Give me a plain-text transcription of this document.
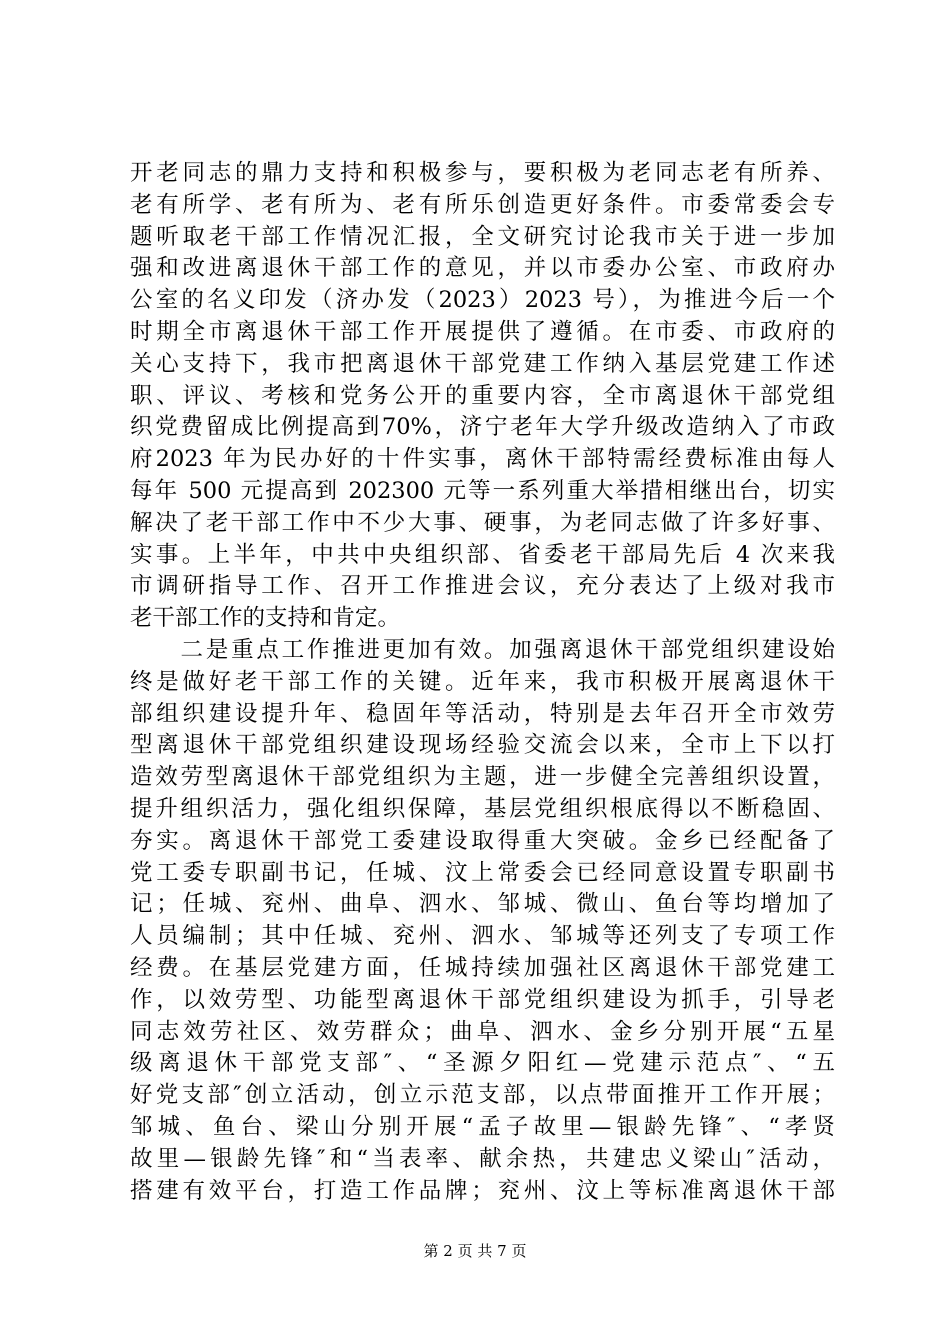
开老同志的鼎力支持和积极参与，要积极为老同志老有所养、
老有所学、老有所为、老有所乐创造更好条件。市委常委会专
题听取老干部工作情况汇报，全文研究讨论我市关于进一步加
强和改进离退休干部工作的意见，并以市委办公室、市政府办
公室的名义印发（济办发（2023）2023 号），为推进今后一个
时期全市离退休干部工作开展提供了遵循。在市委、市政府的
关心支持下，我市把离退休干部党建工作纳入基层党建工作述
职、评议、考核和党务公开的重要内容，全市离退休干部党组
织党费留成比例提高到70%，济宁老年大学升级改造纳入了市政
府2023 年为民办好的十件实事，离休干部特需经费标准由每人
每年 500 元提高到 202300 元等一系列重大举措相继出台，切实
解决了老干部工作中不少大事、硬事，为老同志做了许多好事、
实事。上半年，中共中央组织部、省委老干部局先后 4 次来我
市调研指导工作、召开工作推进会议，充分表达了上级对我市
老干部工作的支持和肯定。
　　二是重点工作推进更加有效。加强离退休干部党组织建设始
终是做好老干部工作的关键。近年来，我市积极开展离退休干
部组织建设提升年、稳固年等活动，特别是去年召开全市效劳
型离退休干部党组织建设现场经验交流会以来，全市上下以打
造效劳型离退休干部党组织为主题，进一步健全完善组织设置，
提升组织活力，强化组织保障，基层党组织根底得以不断稳固、
夯实。离退休干部党工委建设取得重大突破。金乡已经配备了
党工委专职副书记，任城、汶上常委会已经同意设置专职副书
记；任城、兖州、曲阜、泗水、邹城、微山、鱼台等均增加了
人员编制；其中任城、兖州、泗水、邹城等还列支了专项工作
经费。在基层党建方面，任城持续加强社区离退休干部党建工
作，以效劳型、功能型离退休干部党组织建设为抓手，引导老
同志效劳社区、效劳群众；曲阜、泗水、金乡分别开展“五星
级离退休干部党支部″、“圣源夕阳红—党建示范点″、“五
好党支部″创立活动，创立示范支部，以点带面推开工作开展；
邹城、鱼台、梁山分别开展“孟子故里—银龄先锋″、“孝贤
故里—银龄先锋″和“当表率、献余热，共建忠义梁山″活动，
搭建有效平台，打造工作品牌；兖州、汶上等标准离退休干部
第 2 页 共 7 页
